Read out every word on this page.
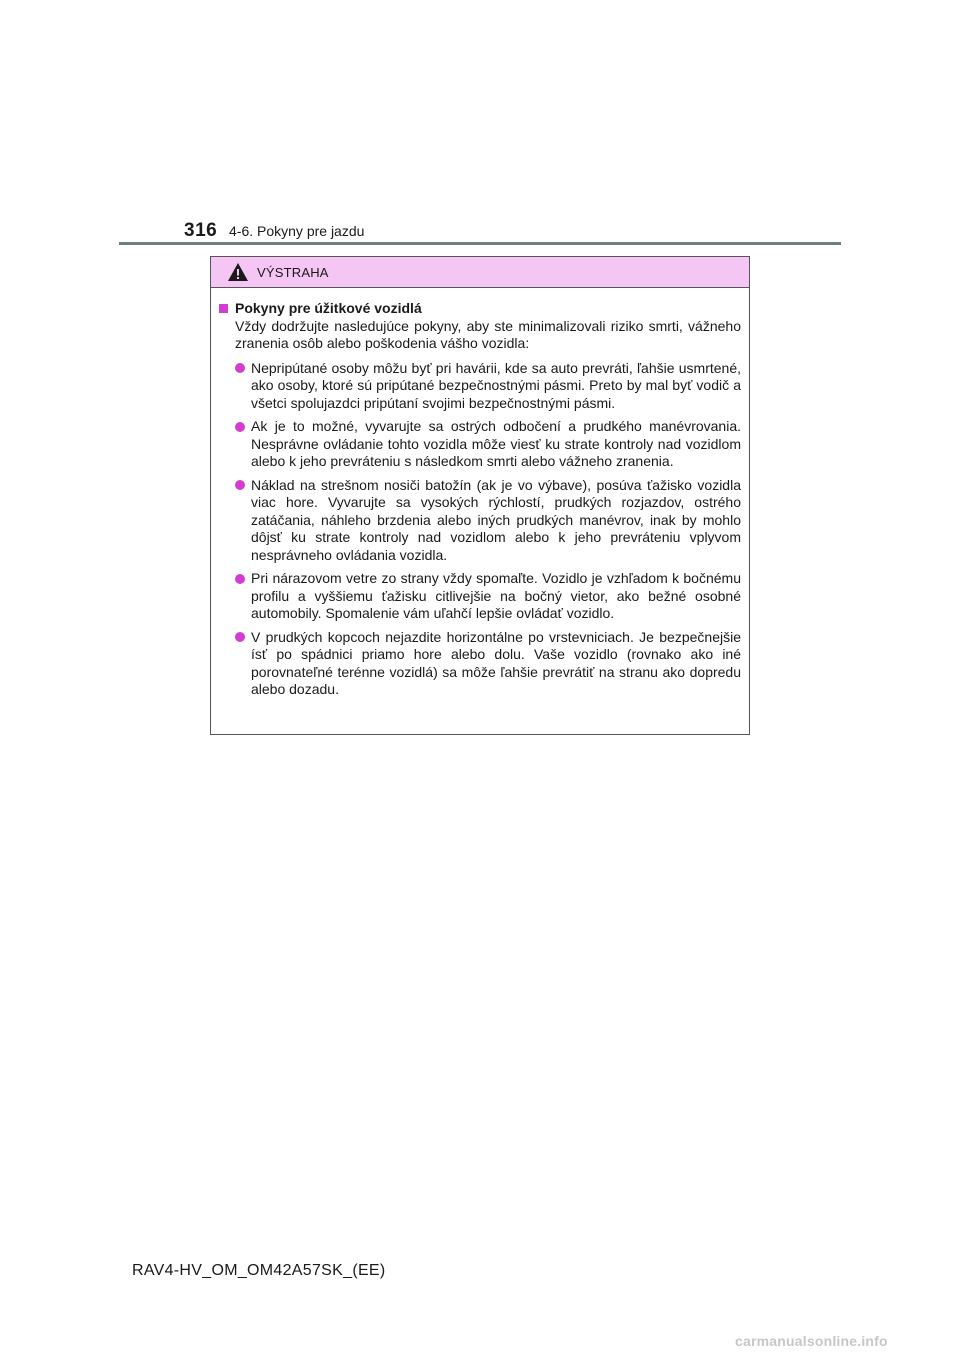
316 4-6. Pokyny pre jazdu
VÝSTRAHA
Pokyny pre úžitkové vozidlá
Vždy dodržujte nasledujúce pokyny, aby ste minimalizovali riziko smrti, vážneho zranenia osôb alebo poškodenia vášho vozidla:
Nepripútané osoby môžu byť pri havárii, kde sa auto prevráti, ľahšie usmrtené, ako osoby, ktoré sú pripútané bezpečnostnými pásmi. Preto by mal byť vodič a všetci spolujazdci pripútaní svojimi bezpečnostnými pásmi.
Ak je to možné, vyvarujte sa ostrých odbočení a prudkého manévrovania. Nesprávne ovládanie tohto vozidla môže viesť ku strate kontroly nad vozidlom alebo k jeho prevráteniu s následkom smrti alebo vážneho zranenia.
Náklad na strešnom nosiči batožín (ak je vo výbave), posúva ťažisko vozidla viac hore. Vyvarujte sa vysokých rýchlostí, prudkých rozjazdov, ostrého zatáčania, náhleho brzdenia alebo iných prudkých manévrov, inak by mohlo dôjsť ku strate kontroly nad vozidlom alebo k jeho prevráteniu vplyvom nesprávneho ovládania vozidla.
Pri nárazovom vetre zo strany vždy spomaľte. Vozidlo je vzhľadom k bočnému profilu a vyššiemu ťažisku citlivejšie na bočný vietor, ako bežné osobné automobily. Spomalenie vám uľahčí lepšie ovládať vozidlo.
V prudkých kopcoch nejazdite horizontálne po vrstevniciach. Je bezpečnejšie ísť po spádnici priamo hore alebo dolu. Vaše vozidlo (rovnako ako iné porovnateľné terénne vozidlá) sa môže ľahšie prevrátiť na stranu ako dopredu alebo dozadu.
RAV4-HV_OM_OM42A57SK_(EE)
carmanualsonline.info
